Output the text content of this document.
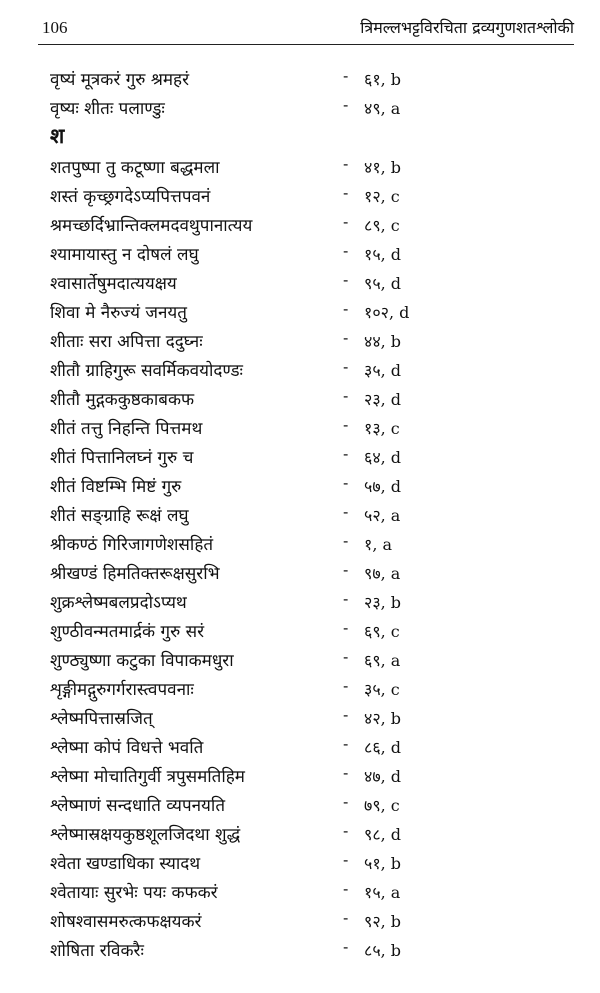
106	त्रिमल्लभट्टविरचिता द्रव्यगुणशतश्लोकी
वृष्यं मूत्रकरं गुरु श्रमहरं	- ६१, b
वृष्यः शीतः पलाण्डुः	- ४९, a
श
शतपुष्पा तु कटूष्णा बद्धमला	- ४१, b
शस्तं कृच्छ्रगदेऽप्यपित्तपवनं	- १२, c
श्रमच्छर्दिभ्रान्तिक्लमदवथुपानात्यय	- ८९, c
श्यामायास्तु न दोषलं लघु	- १५, d
श्वासार्तेषुमदात्ययक्षय	- ९५, d
शिवा मे नैरुज्यं जनयतु	- १०२, d
शीताः सरा अपित्ता ददुघ्नः	- ४४, b
शीतौ ग्राहिगुरू सवर्मिकवयोदण्डः	- ३५, d
शीतौ मुद्गककुष्ठकाबकफ	- २३, d
शीतं तत्तु निहन्ति पित्तमथ	- १३, c
शीतं पित्तानिलघ्नं गुरु च	- ६४, d
शीतं विष्टम्भि मिष्टं गुरु	- ५७, d
शीतं सङ्ग्राहि रूक्षं लघु	- ५२, a
श्रीकण्ठं गिरिजागणेशसहितं	- १, a
श्रीखण्डं हिमतिक्तरूक्षसुरभि	- ९७, a
शुक्रश्लेष्मबलप्रदोऽप्यथ	- २३, b
शुण्ठीवन्मतमार्द्रकं गुरु सरं	- ६९, c
शुण्ठ्युष्णा कटुका विपाकमधुरा	- ६९, a
शृङ्गीमद्गुरुगर्गरास्त्वपवनाः	- ३५, c
श्लेष्मपित्तास्रजित्	- ४२, b
श्लेष्मा कोपं विधत्ते भवति	- ८६, d
श्लेष्मा मोचातिगुर्वी त्रपुसमतिहिम	- ४७, d
श्लेष्माणं सन्दधाति व्यपनयति	- ७९, c
श्लेष्मास्रक्षयकुष्ठशूलजिदथा शुद्धं	- ९८, d
श्वेता खण्डाधिका स्यादथ	- ५१, b
श्वेतायाः सुरभेः पयः कफकरं	- १५, a
शोषश्वासमरुत्कफक्षयकरं	- ९२, b
शोषिता रविकरैः	- ८५, b
